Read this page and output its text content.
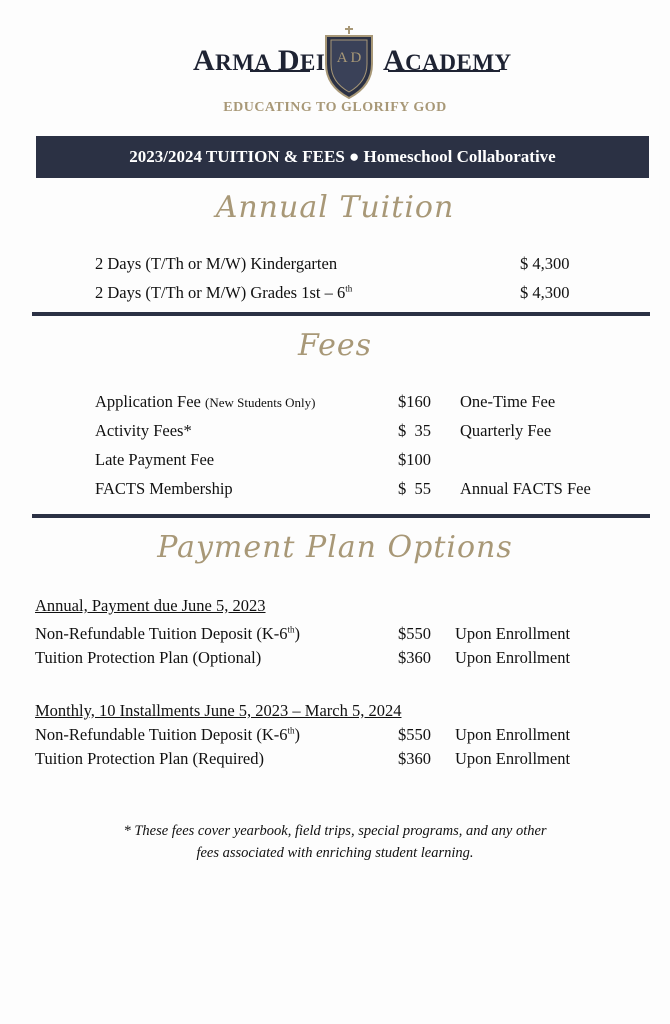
ARMA DEI A D ACADEMY
EDUCATING TO GLORIFY GOD
2023/2024 TUITION & FEES ● Homeschool Collaborative
Annual Tuition
2 Days (T/Th or M/W) Kindergarten	$ 4,300
2 Days (T/Th or M/W) Grades 1st – 6th	$ 4,300
Fees
Application Fee (New Students Only)	$160 One-Time Fee
Activity Fees*	$  35 Quarterly Fee
Late Payment Fee	$100
FACTS Membership	$  55 Annual FACTS Fee
Payment Plan Options
Annual, Payment due June 5, 2023
Non-Refundable Tuition Deposit (K-6th)	$550 Upon Enrollment
Tuition Protection Plan (Optional)	$360 Upon Enrollment
Monthly, 10 Installments June 5, 2023 – March 5, 2024
Non-Refundable Tuition Deposit (K-6th)	$550 Upon Enrollment
Tuition Protection Plan (Required)	$360 Upon Enrollment
* These fees cover yearbook, field trips, special programs, and any other
fees associated with enriching student learning.
